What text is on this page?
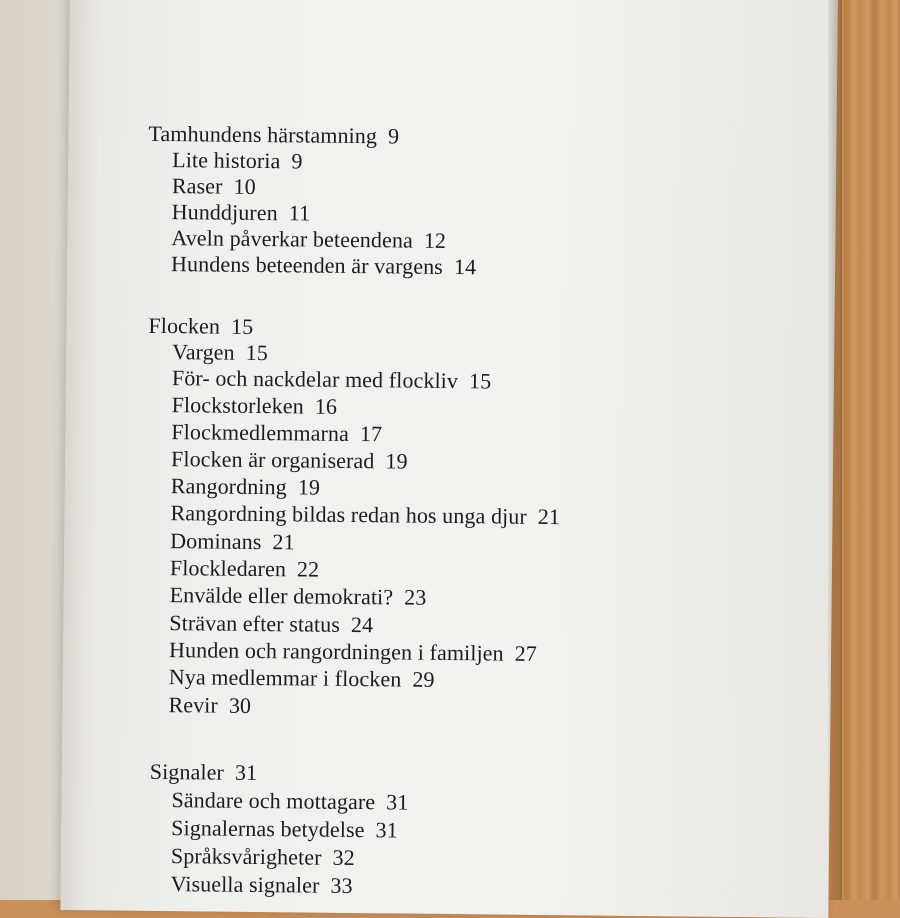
Tamhundens härstamning 9
Lite historia 9
Raser 10
Hunddjuren 11
Aveln påverkar beteendena 12
Hundens beteenden är vargens 14
Flocken 15
Vargen 15
För- och nackdelar med flockliv 15
Flockstorleken 16
Flockmedlemmarna 17
Flocken är organiserad 19
Rangordning 19
Rangordning bildas redan hos unga djur 21
Dominans 21
Flockledaren 22
Envälde eller demokrati? 23
Strävan efter status 24
Hunden och rangordningen i familjen 27
Nya medlemmar i flocken 29
Revir 30
Signaler 31
Sändare och mottagare 31
Signalernas betydelse 31
Språksvårigheter 32
Visuella signaler 33
